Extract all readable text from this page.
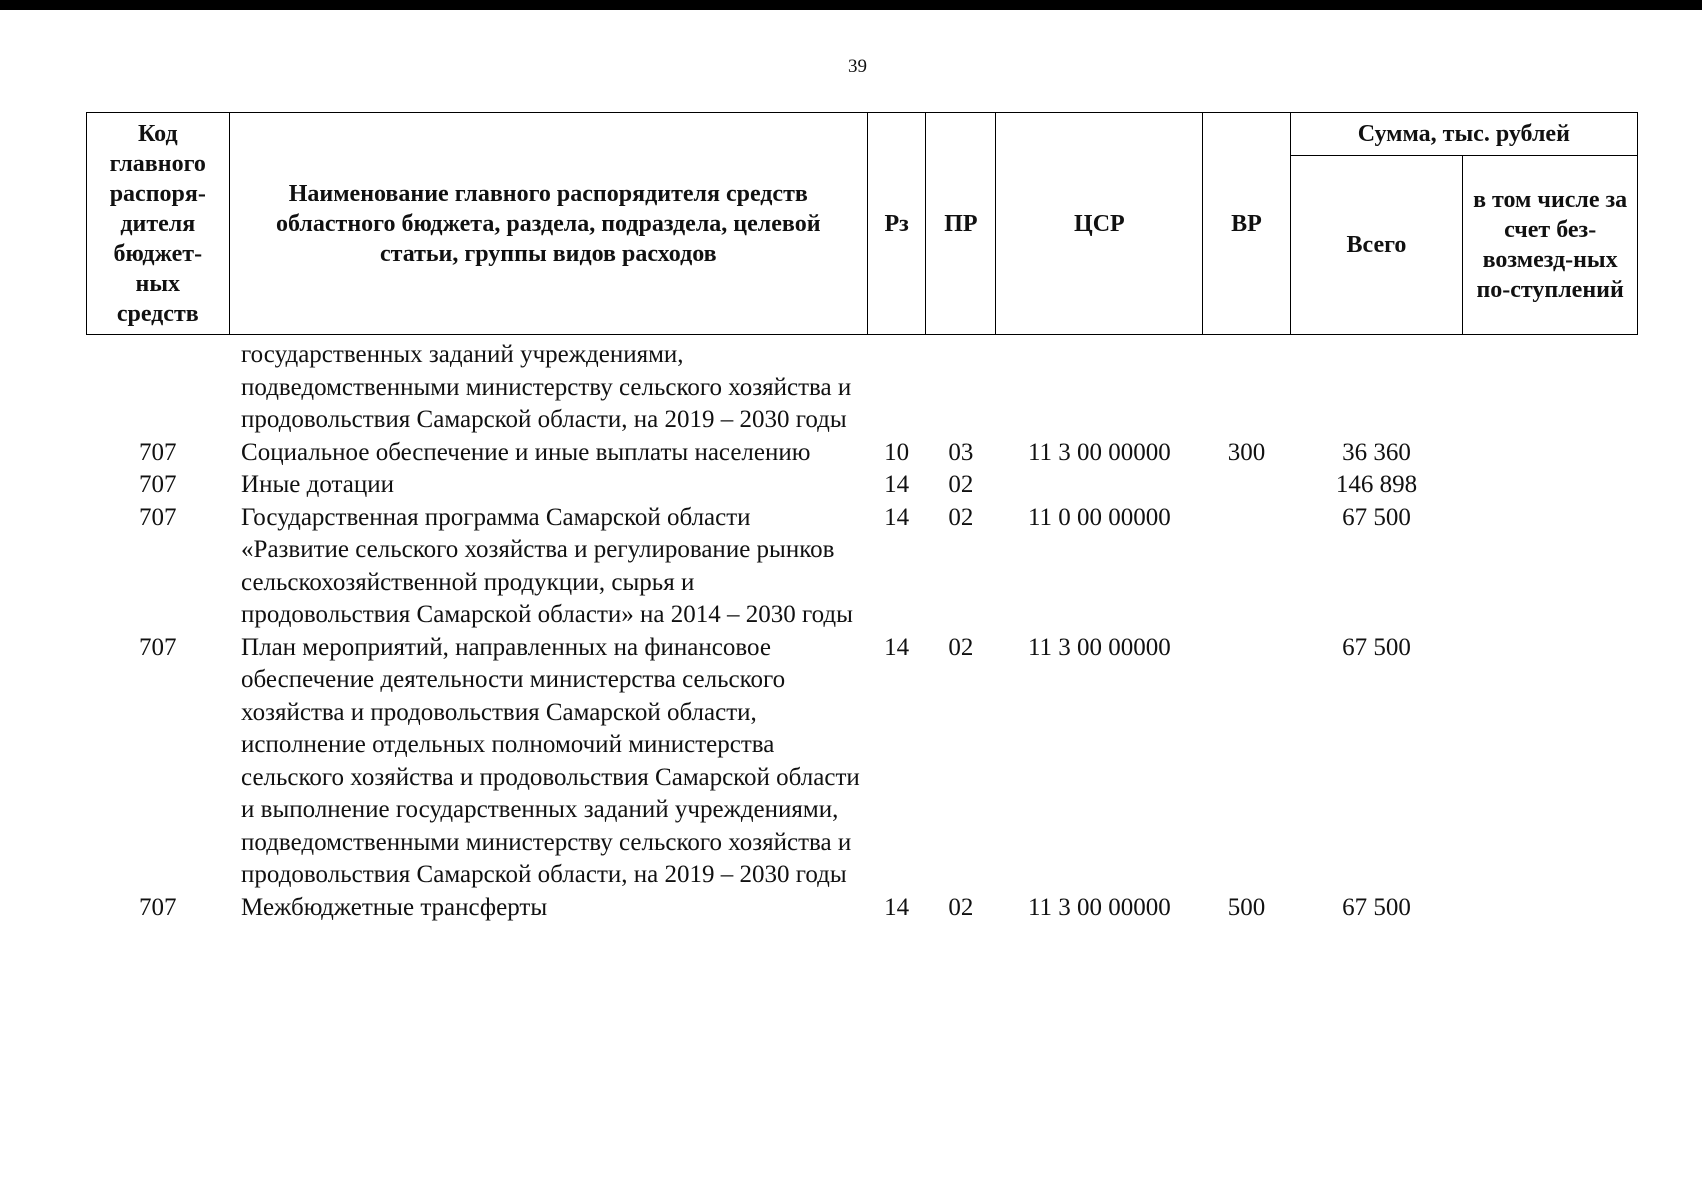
39
Код главного распоря-дителя бюджет-ных средств	Наименование главного распорядителя средств областного бюджета, раздела, подраздела, целевой статьи, группы видов расходов	Рз	ПР	ЦСР	ВР	Сумма, тыс. рублей	
						Всего	в том числе за счет без-возмезд-ных по-ступлений
	государственных заданий учреждениями, подведомственными министерству сельского хозяйства и продовольствия Самарской области, на 2019 – 2030 годы						
707	Социальное обеспечение и иные выплаты населению	10	03	11 3 00 00000	300	36 360	
707	Иные дотации	14	02			146 898	
707	Государственная программа Самарской области «Развитие сельского хозяйства и регулирование рынков сельскохозяйственной продукции, сырья и продовольствия Самарской области» на 2014 – 2030 годы	14	02	11 0 00 00000		67 500	
707	План мероприятий, направленных на финансовое обеспечение деятельности министерства сельского хозяйства и продовольствия Самарской области, исполнение отдельных полномочий министерства сельского хозяйства и продовольствия Самарской области и выполнение государственных заданий учреждениями, подведомственными министерству сельского хозяйства и продовольствия Самарской области, на 2019 – 2030 годы	14	02	11 3 00 00000		67 500	
707	Межбюджетные трансферты	14	02	11 3 00 00000	500	67 500	
